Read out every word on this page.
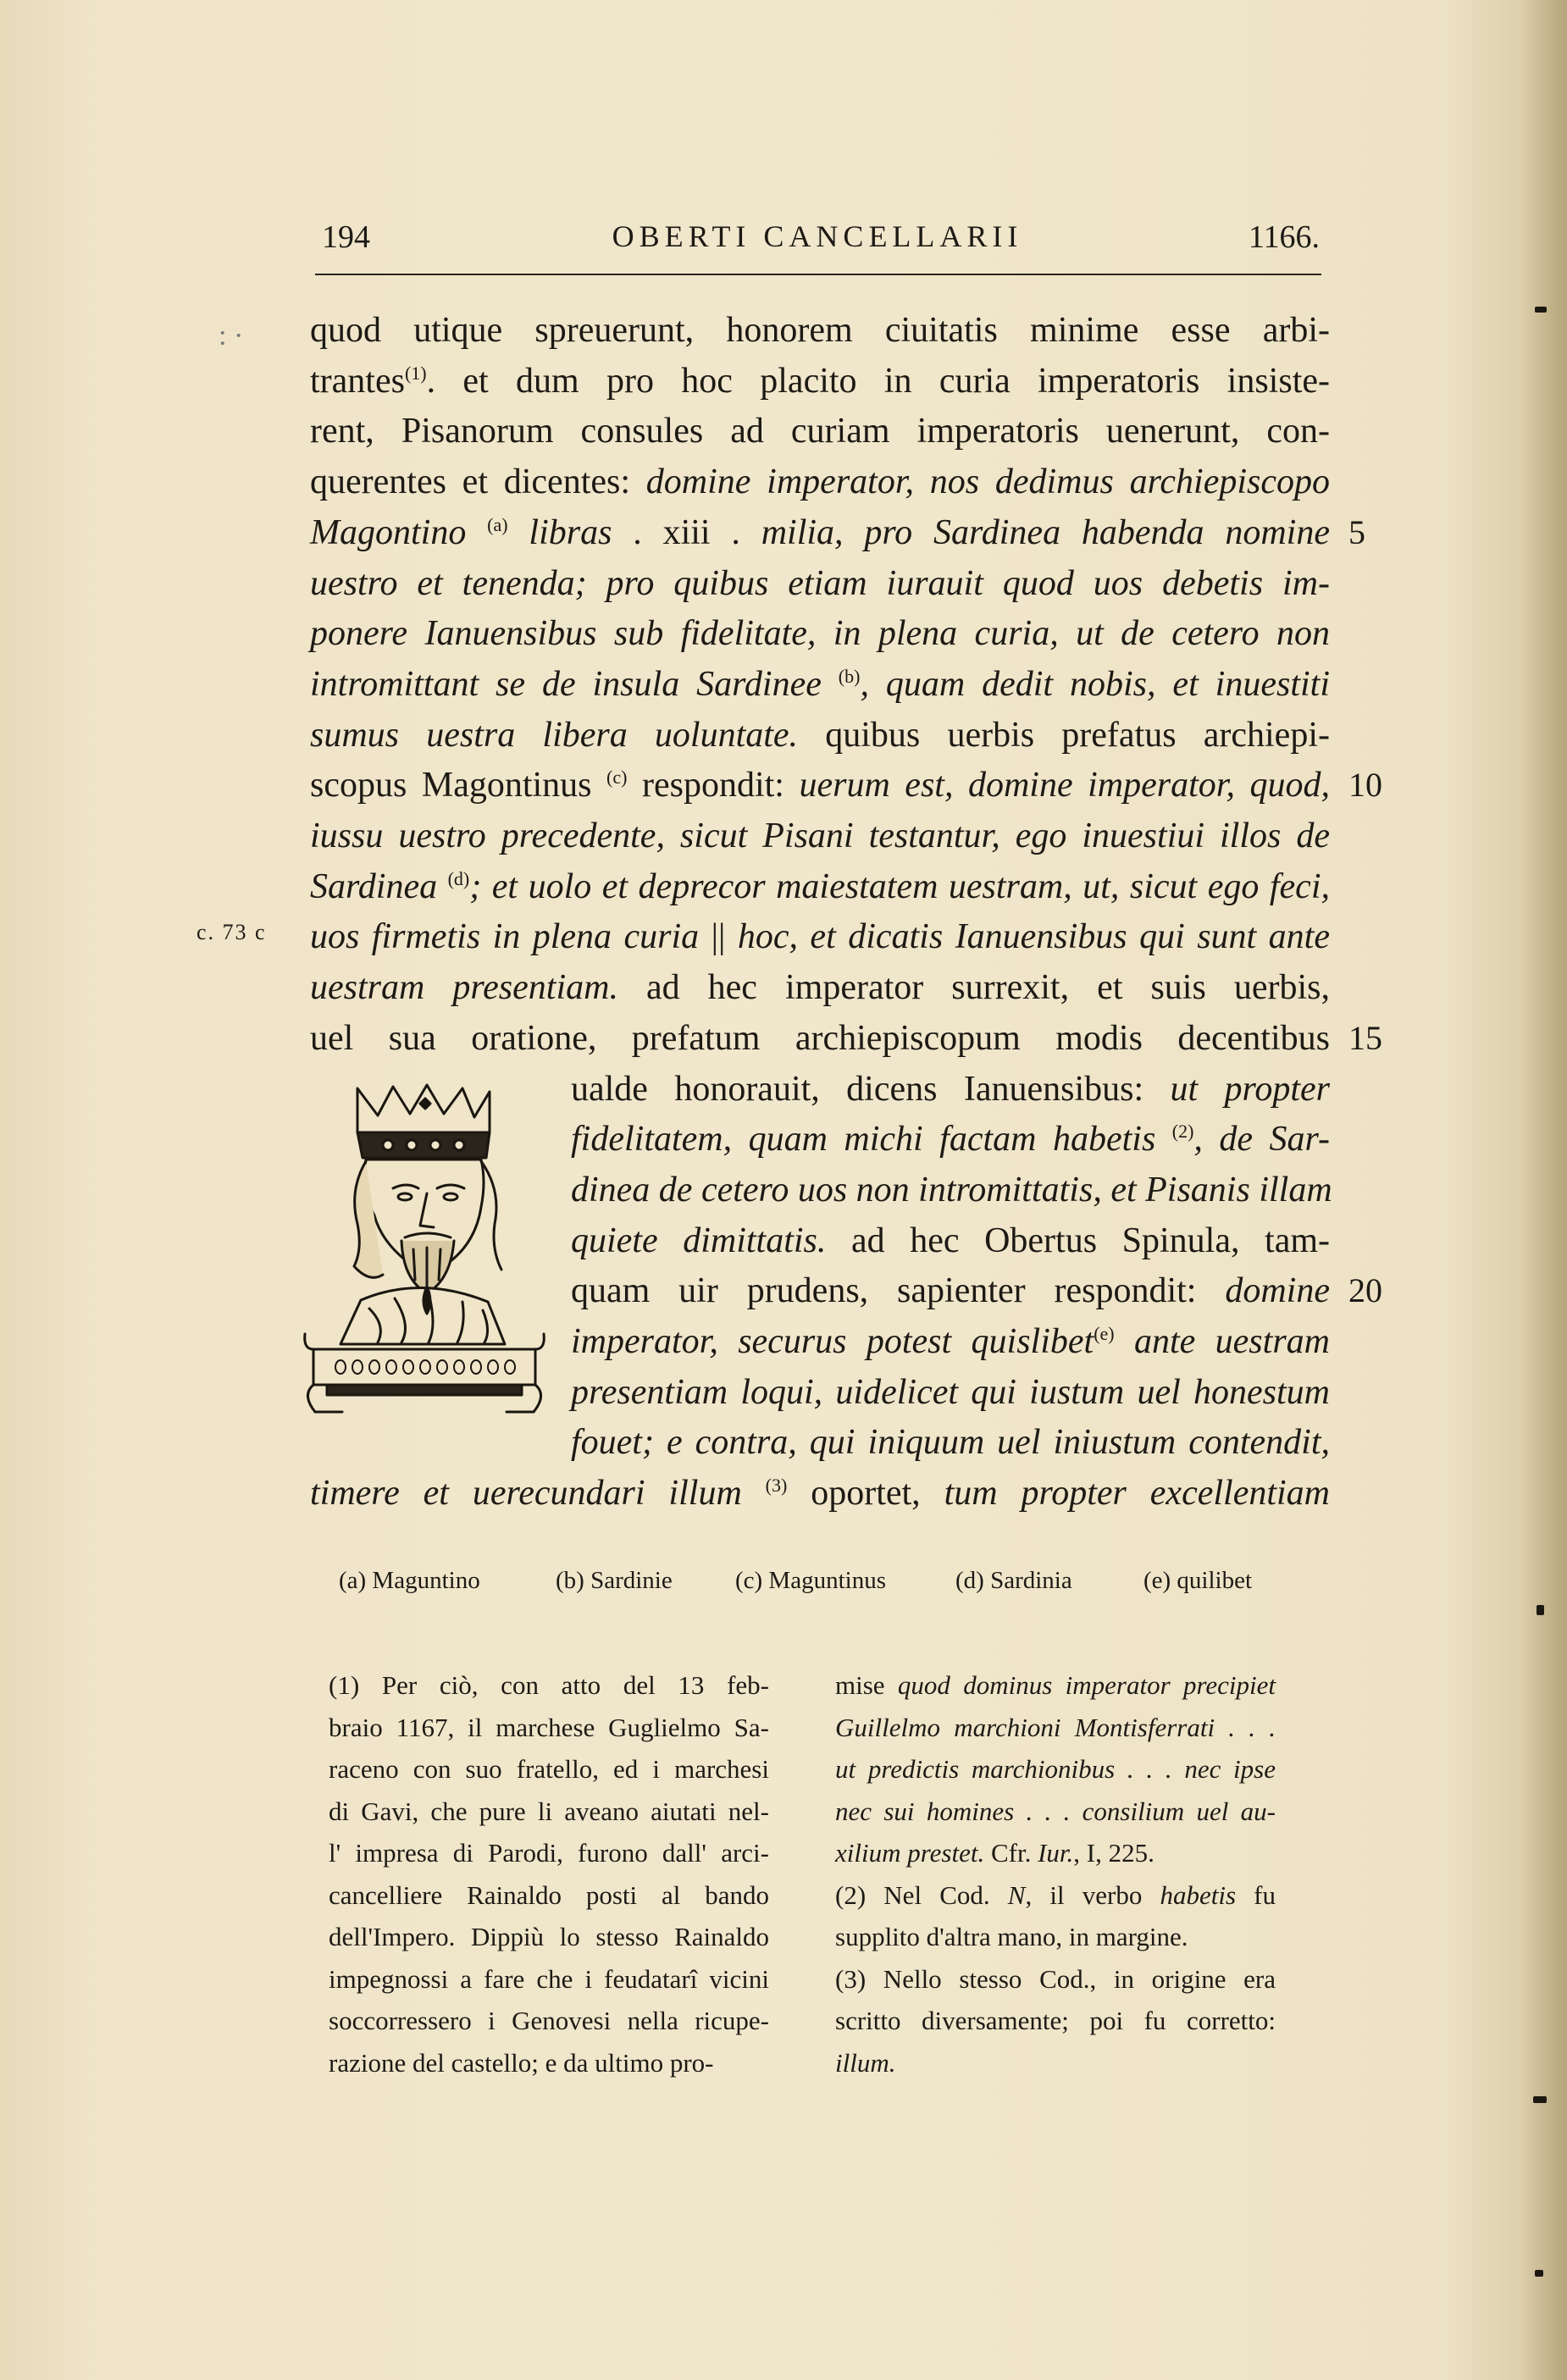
: ·
194	OBERTI CANCELLARII	1166.
quod utique spreuerunt, honorem ciuitatis minime esse arbi-
trantes$^{(1)}$. et dum pro hoc placito in curia imperatoris insiste-
rent, Pisanorum consules ad curiam imperatoris uenerunt, con-
querentes et dicentes: domine imperator, nos dedimus archiepiscopo
Magontino $^{(a)}$ libras . xiii . milia, pro Sardinea habenda nomine
uestro et tenenda; pro quibus etiam iurauit quod uos debetis im-
ponere Ianuensibus sub fidelitate, in plena curia, ut de cetero non
intromittant se de insula Sardinee $^{(b)}$, quam dedit nobis, et inuestiti
sumus uestra libera uoluntate. quibus uerbis prefatus archiepi-
scopus Magontinus $^{(c)}$ respondit: uerum est, domine imperator, quod,
iussu uestro precedente, sicut Pisani testantur, ego inuestiui illos de
Sardinea $^{(d)}$; et uolo et deprecor maiestatem uestram, ut, sicut ego feci,
uos firmetis in plena curia || hoc, et dicatis Ianuensibus qui sunt ante
uestram presentiam. ad hec imperator surrexit, et suis uerbis,
uel sua oratione, prefatum archiepiscopum modis decentibus
ualde honorauit, dicens Ianuensibus: ut propter
fidelitatem, quam michi factam habetis $^{(2)}$, de Sar-
dinea de cetero uos non intromittatis, et Pisanis illam
quiete dimittatis. ad hec Obertus Spinula, tam-
quam uir prudens, sapienter respondit: domine
imperator, securus potest quislibet$^{(e)}$ ante uestram
presentiam loqui, uidelicet qui iustum uel honestum
fouet; e contra, qui iniquum uel iniustum contendit,
timere et uerecundari illum $^{(3)}$ oportet, tum propter excellentiam
c. 73 c
5
10
15
20
(a) Maguntino	(b) Sardinie	(c) Maguntinus	(d) Sardinia	(e) quilibet
(1) Per ciò, con atto del 13 feb-
braio 1167, il marchese Guglielmo Sa-
raceno con suo fratello, ed i marchesi
di Gavi, che pure li aveano aiutati nel-
l' impresa di Parodi, furono dall' arci-
cancelliere Rainaldo posti al bando
dell'Impero. Dippiù lo stesso Rainaldo
impegnossi a fare che i feudatarî vicini
soccorressero i Genovesi nella ricupe-
razione del castello; e da ultimo pro-
mise quod dominus imperator precipiet
Guillelmo marchioni Montisferrati . . .
ut predictis marchionibus . . . nec ipse
nec sui homines . . . consilium uel au-
xilium prestet. Cfr. Iur., I, 225.
(2) Nel Cod. N, il verbo habetis fu
supplito d'altra mano, in margine.
(3) Nello stesso Cod., in origine era
scritto diversamente; poi fu corretto:
illum.
